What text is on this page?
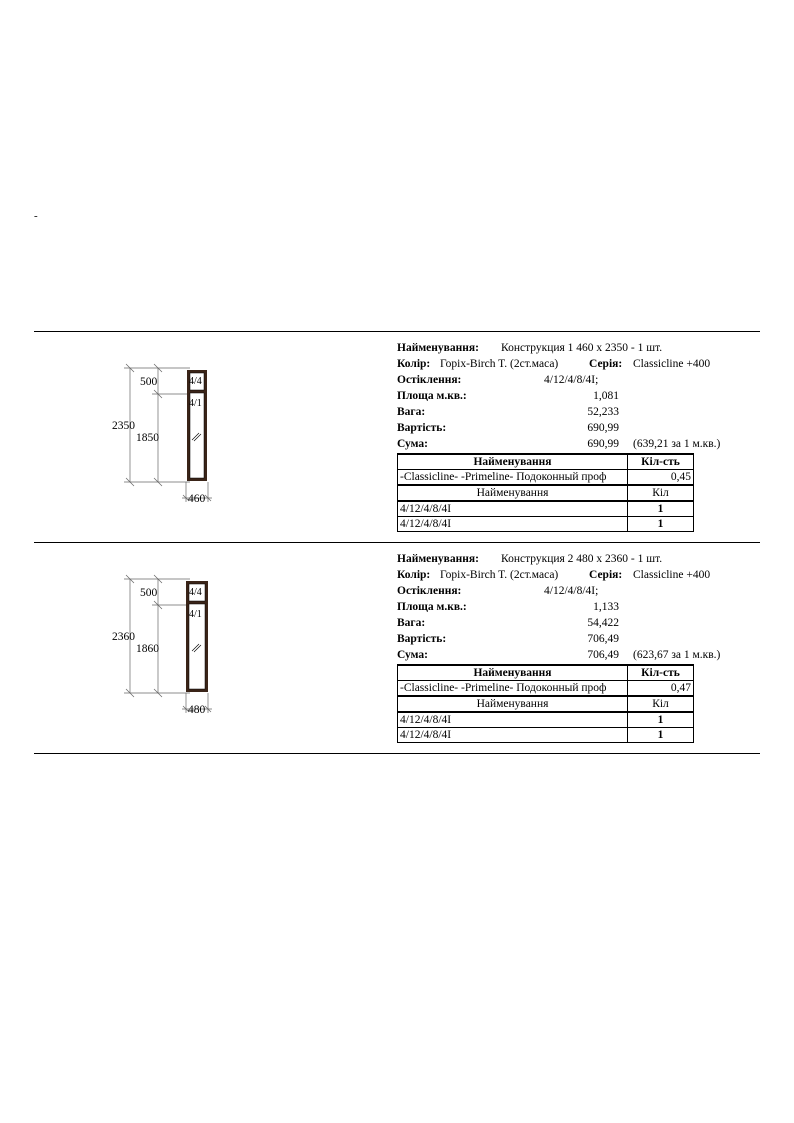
-
2350
500
1850
460
4/4
4/1
2360
500
1860
480
4/4
4/1
Найменування: Конструкция 1 460 x 2350 - 1 шт.
Колір: Горіх-Birch T. (2ст.маса)	Серія: Classicline +400
Остіклення:	4/12/4/8/4І;
Площа м.кв.:	1,081
Вага:	52,233
Вартість:	690,99
Сума:	690,99 (639,21 за 1 м.кв.)
Найменування	Кіл-сть
-Classicline- -Primeline- Подоконный проф	0,45
Найменування	Кіл
4/12/4/8/4І	1
4/12/4/8/4І	1
Найменування: Конструкция 2 480 x 2360 - 1 шт.
Колір: Горіх-Birch T. (2ст.маса)	Серія: Classicline +400
Остіклення:	4/12/4/8/4І;
Площа м.кв.:	1,133
Вага:	54,422
Вартість:	706,49
Сума:	706,49 (623,67 за 1 м.кв.)
Найменування	Кіл-сть
-Classicline- -Primeline- Подоконный проф	0,47
Найменування	Кіл
4/12/4/8/4І	1
4/12/4/8/4І	1
